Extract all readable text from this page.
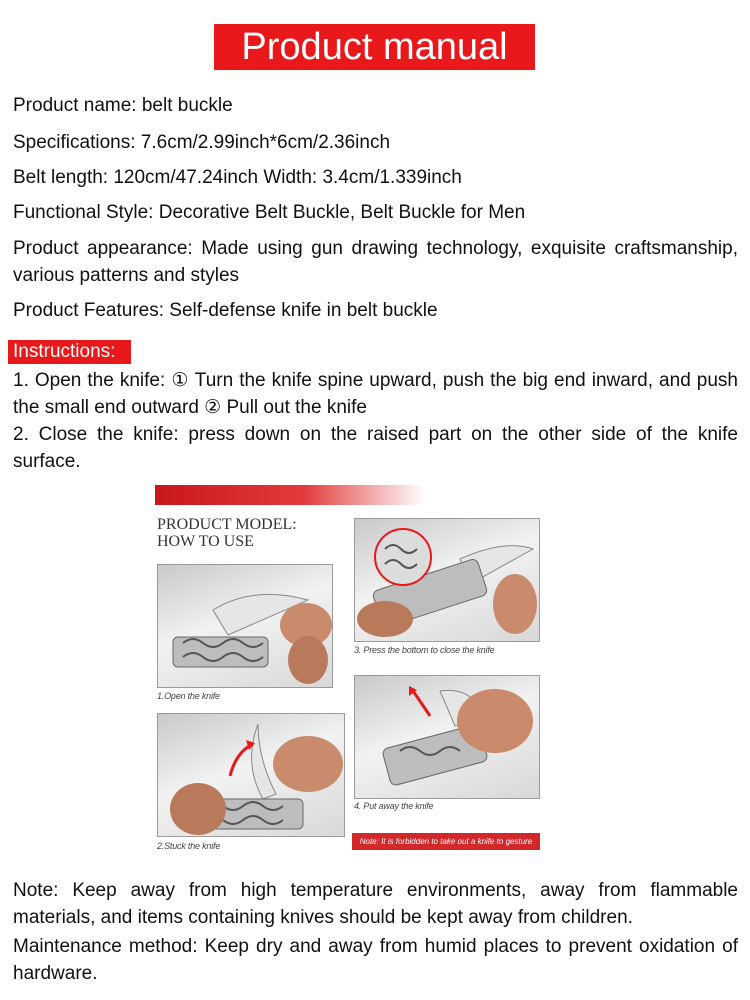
Product manual

Product name: belt buckle

Specifications: 7.6cm/2.99inch*6cm/2.36inch

Belt length: 120cm/47.24inch Width: 3.4cm/1.339inch

Functional Style: Decorative Belt Buckle, Belt Buckle for Men

Product appearance: Made using gun drawing technology, exquisite craftsmanship, various patterns and styles

Product Features: Self-defense knife in belt buckle

Instructions:

1. Open the knife: ① Turn the knife spine upward, push the big end inward, and push the small end outward ② Pull out the knife

2. Close the knife: press down on the raised part on the other side of the knife surface.

PRODUCT MODEL:
HOW TO USE
1.Open the knife
2.Stuck the knife
3. Press the bottom to close the knife
4. Put away the knife
Note: It is forbidden to take out a knife to gesture

Note: Keep away from high temperature environments, away from flammable materials, and items containing knives should be kept away from children.

Maintenance method: Keep dry and away from humid places to prevent oxidation of hardware.
